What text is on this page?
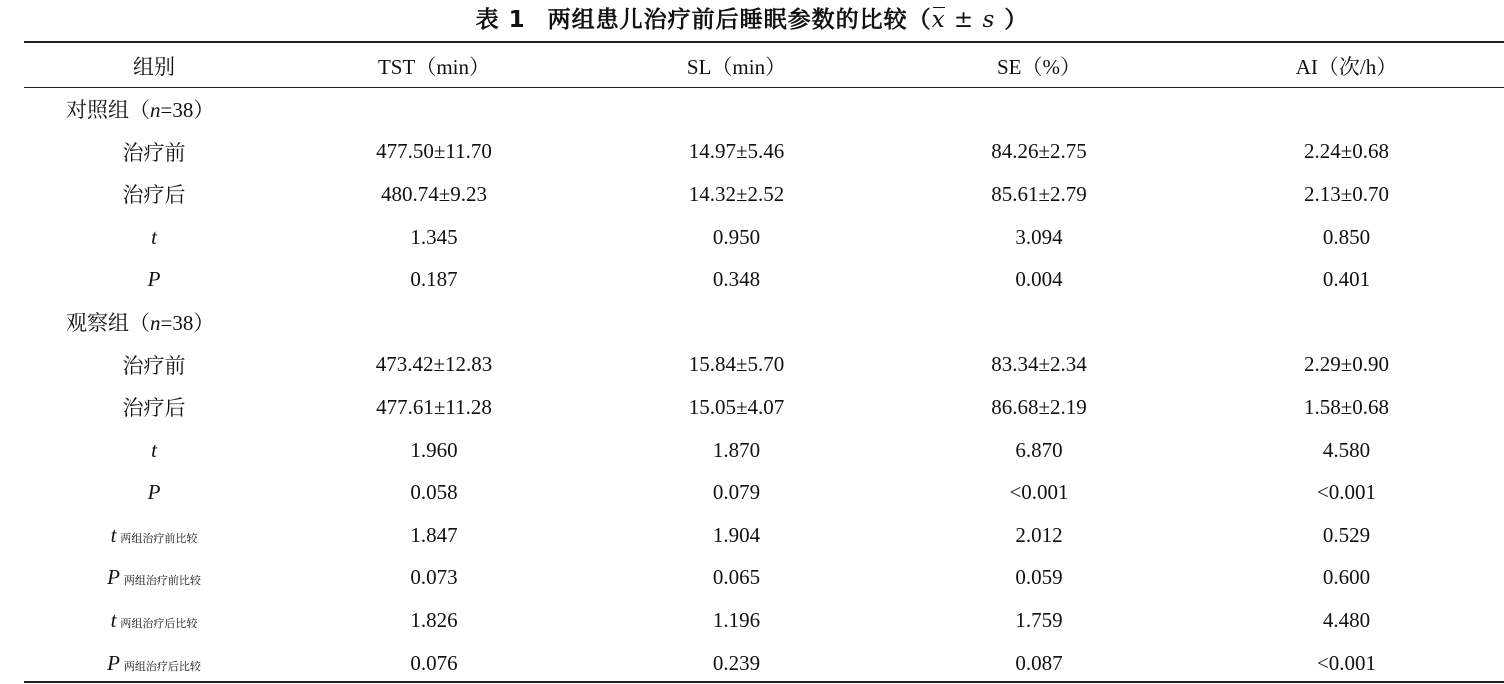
表 1 两组患儿治疗前后睡眠参数的比较（x ± s ）
组别	TST（min）	SL（min）	SE（%）	AI（次/h）
对照组（n=38）				
治疗前	477.50±11.70	14.97±5.46	84.26±2.75	2.24±0.68
治疗后	480.74±9.23	14.32±2.52	85.61±2.79	2.13±0.70
t	1.345	0.950	3.094	0.850
P	0.187	0.348	0.004	0.401
观察组（n=38）				
治疗前	473.42±12.83	15.84±5.70	83.34±2.34	2.29±0.90
治疗后	477.61±11.28	15.05±4.07	86.68±2.19	1.58±0.68
t	1.960	1.870	6.870	4.580
P	0.058	0.079	<0.001	<0.001
t 两组治疗前比较	1.847	1.904	2.012	0.529
P 两组治疗前比较	0.073	0.065	0.059	0.600
t 两组治疗后比较	1.826	1.196	1.759	4.480
P 两组治疗后比较	0.076	0.239	0.087	<0.001
